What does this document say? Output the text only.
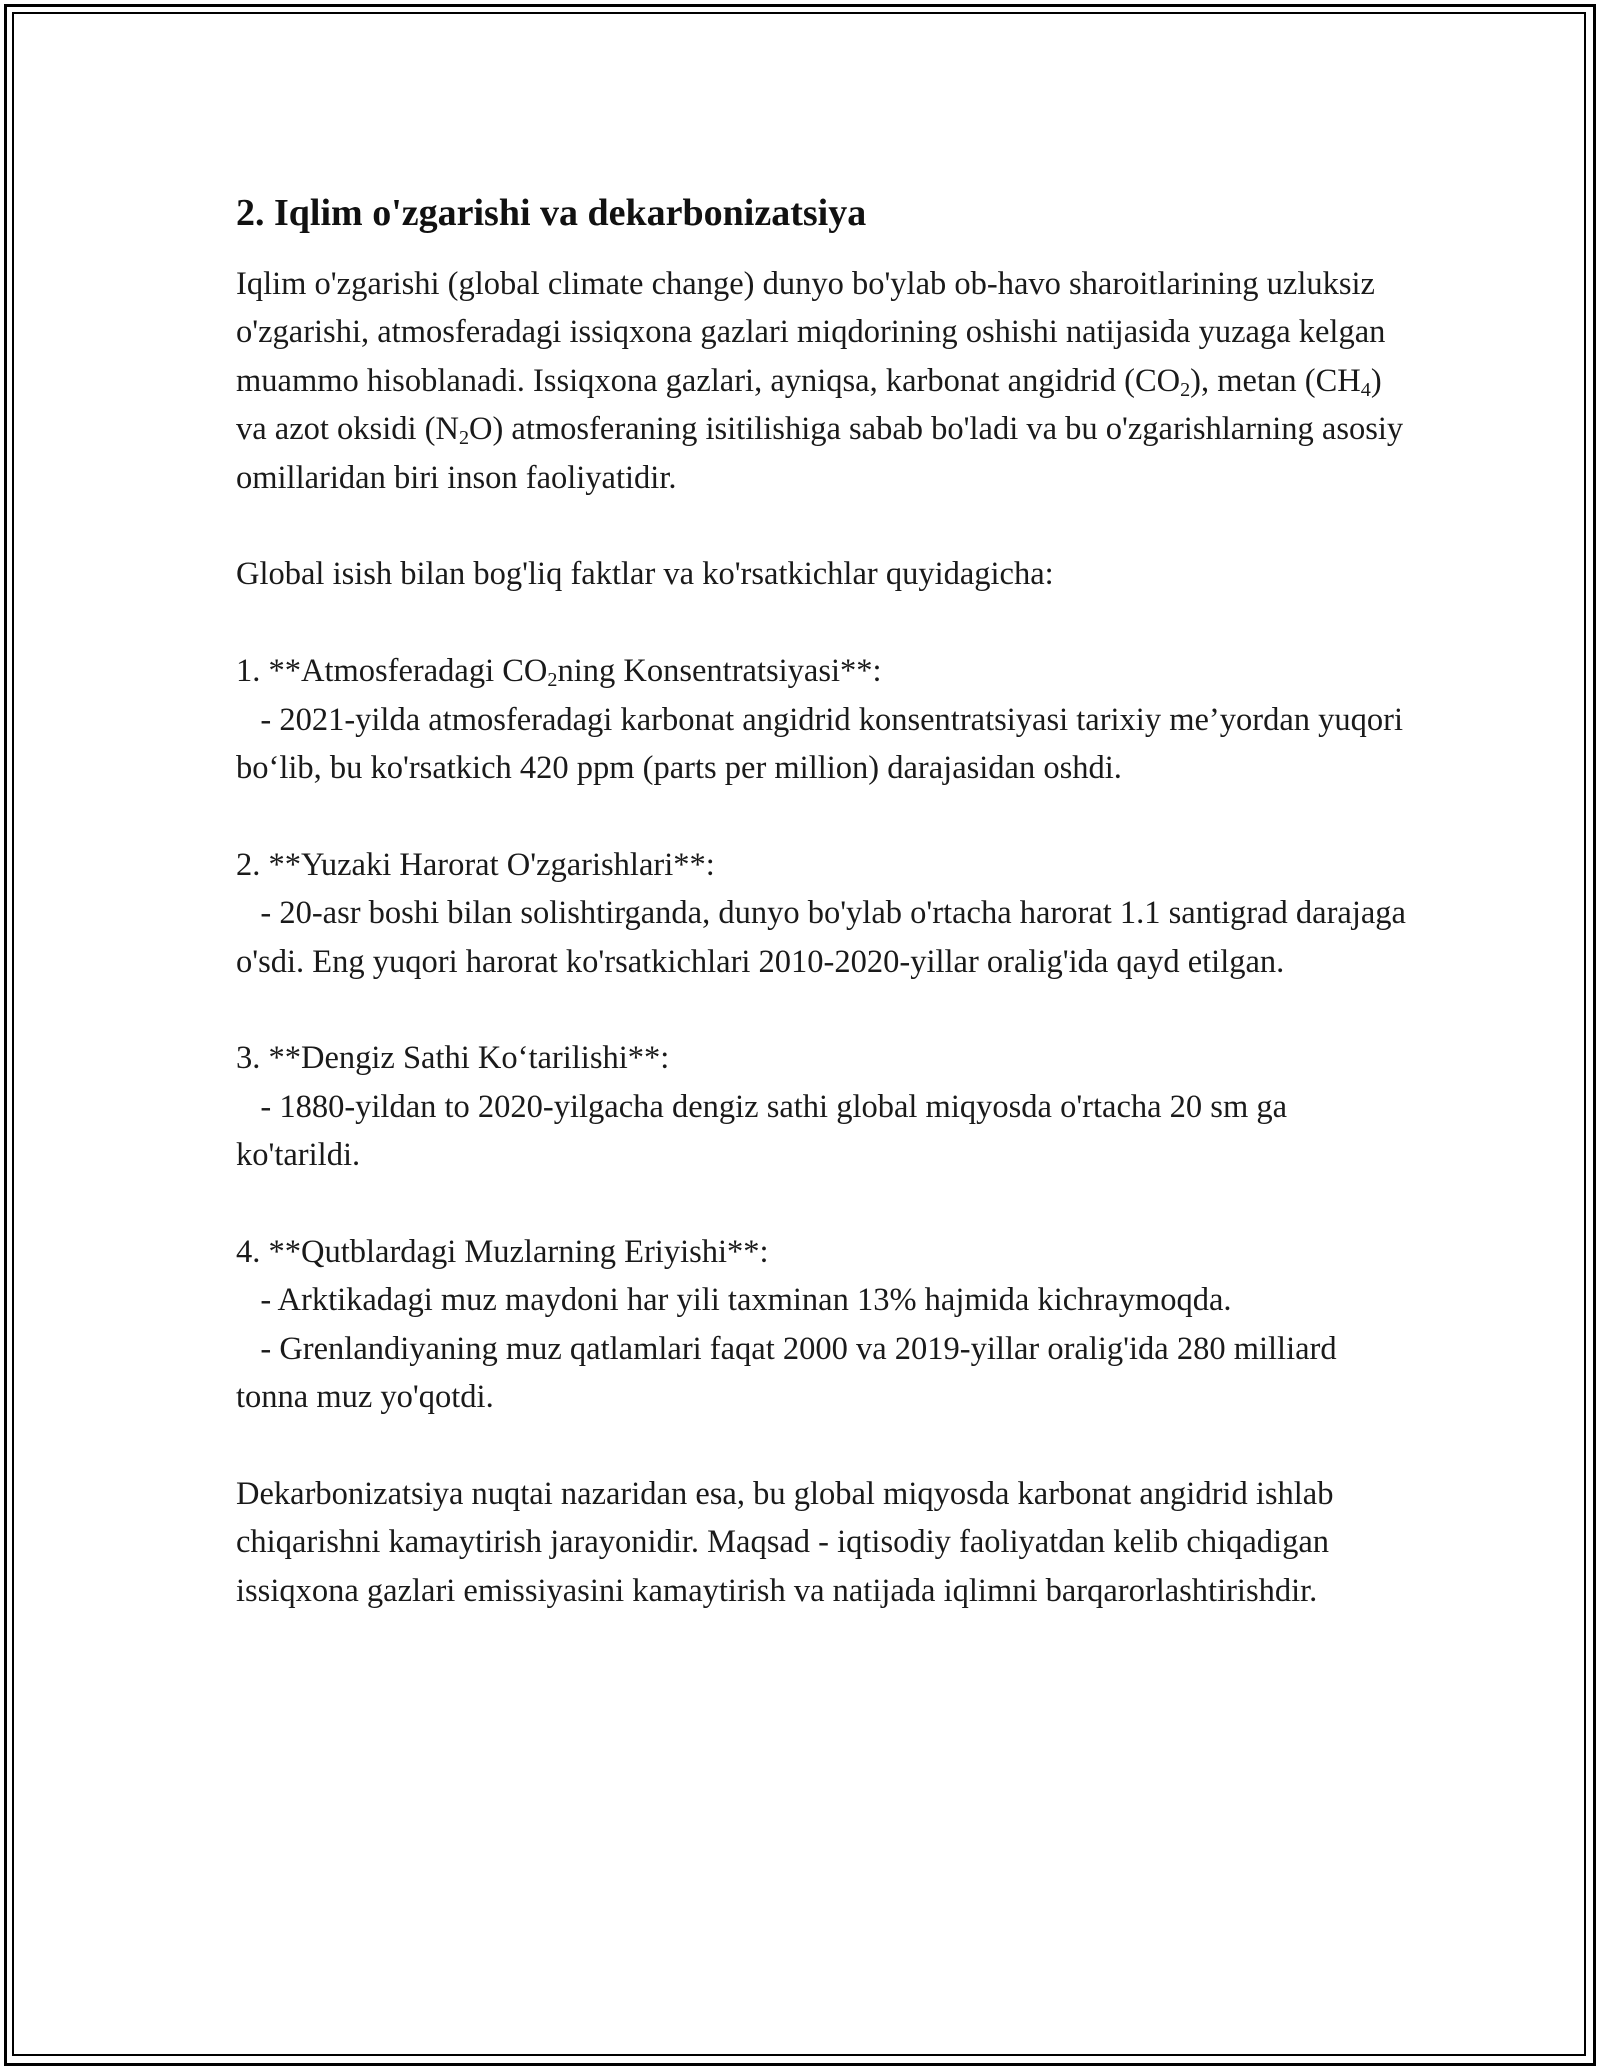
2. Iqlim o'zgarishi va dekarbonizatsiya

Iqlim o'zgarishi (global climate change) dunyo bo'ylab ob-havo sharoitlarining uzluksiz o'zgarishi, atmosferadagi issiqxona gazlari miqdorining oshishi natijasida yuzaga kelgan muammo hisoblanadi. Issiqxona gazlari, ayniqsa, karbonat angidrid $(CO_2)$, metan $(CH_4)$ va azot oksidi $(N_2O)$ atmosferaning isitilishiga sabab bo'ladi va bu o'zgarishlarning asosiy omillaridan biri inson faoliyatidir.

Global isish bilan bog'liq faktlar va ko'rsatkichlar quyidagicha:

1. **Atmosferadagi $CO_2ning$ Konsentratsiyasi**:

- 2021-yilda atmosferadagi karbonat angidrid konsentratsiyasi tarixiy me’yordan yuqori bo‘lib, bu ko'rsatkich 420 ppm (parts per million) darajasidan oshdi.

2. **Yuzaki Harorat O'zgarishlari**:

- 20-asr boshi bilan solishtirganda, dunyo bo'ylab o'rtacha harorat 1.1 santigrad darajaga o'sdi. Eng yuqori harorat ko'rsatkichlari 2010-2020-yillar oralig'ida qayd etilgan.

3. **Dengiz Sathi Ko‘tarilishi**:

- 1880-yildan to 2020-yilgacha dengiz sathi global miqyosda o'rtacha 20 sm ga ko'tarildi.

4. **Qutblardagi Muzlarning Eriyishi**:

- Arktikadagi muz maydoni har yili taxminan 13% hajmida kichraymoqda.

- Grenlandiyaning muz qatlamlari faqat 2000 va 2019-yillar oralig'ida 280 milliard tonna muz yo'qotdi.

Dekarbonizatsiya nuqtai nazaridan esa, bu global miqyosda karbonat angidrid ishlab chiqarishni kamaytirish jarayonidir. Maqsad - iqtisodiy faoliyatdan kelib chiqadigan issiqxona gazlari emissiyasini kamaytirish va natijada iqlimni barqarorlashtirishdir.
